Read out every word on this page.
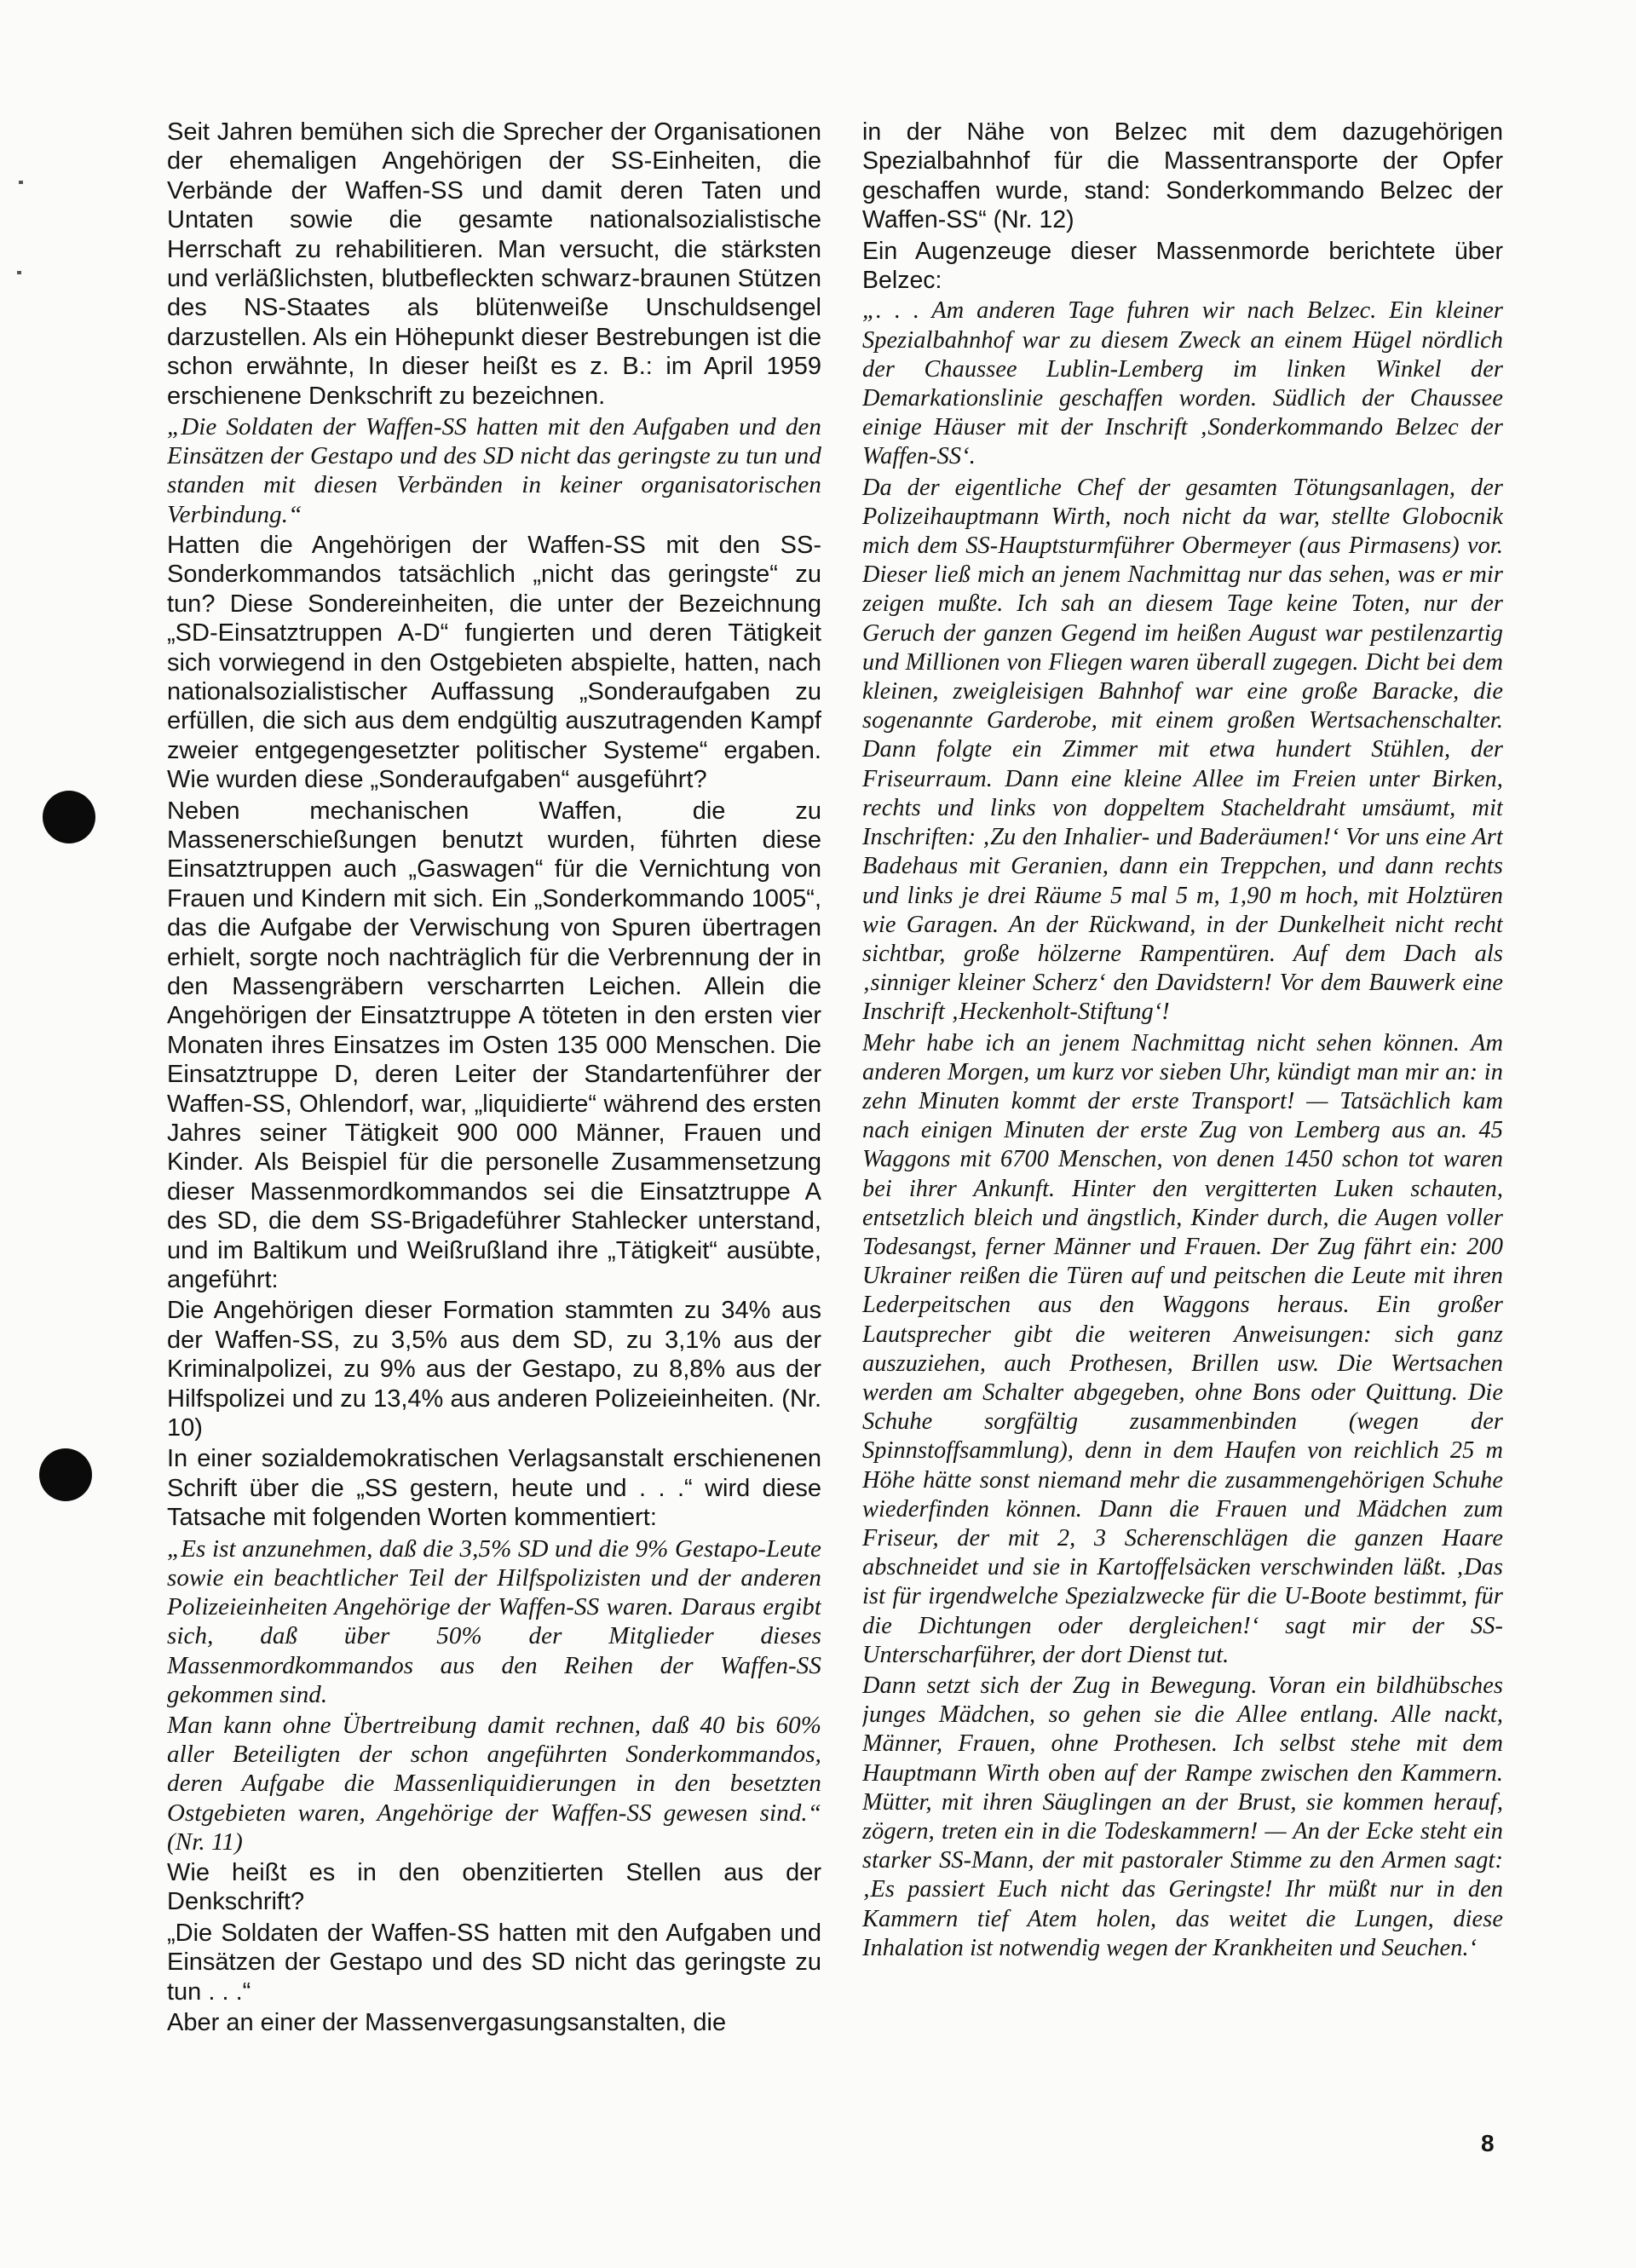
Seit Jahren bemühen sich die Sprecher der Organisationen der ehemaligen Angehörigen der SS-Einheiten, die Verbände der Waffen-SS und damit deren Taten und Untaten sowie die gesamte nationalsozialistische Herrschaft zu rehabilitieren. Man versucht, die stärksten und verläßlichsten, blutbefleckten schwarz-braunen Stützen des NS-Staates als blütenweiße Unschuldsengel darzustellen. Als ein Höhepunkt dieser Bestrebungen ist die schon erwähnte, In dieser heißt es z. B.: im April 1959 erschienene Denkschrift zu bezeichnen.

„Die Soldaten der Waffen-SS hatten mit den Aufgaben und den Einsätzen der Gestapo und des SD nicht das geringste zu tun und standen mit diesen Verbänden in keiner organisatorischen Verbindung.“

Hatten die Angehörigen der Waffen-SS mit den SS-Sonderkommandos tatsächlich „nicht das geringste“ zu tun? Diese Sondereinheiten, die unter der Bezeichnung „SD-Einsatztruppen A-D“ fungierten und deren Tätigkeit sich vorwiegend in den Ostgebieten abspielte, hatten, nach nationalsozialistischer Auffassung „Sonderaufgaben zu erfüllen, die sich aus dem endgültig auszutragenden Kampf zweier entgegengesetzter politischer Systeme“ ergaben. Wie wurden diese „Sonderaufgaben“ ausgeführt?

Neben mechanischen Waffen, die zu Massenerschießungen benutzt wurden, führten diese Einsatztruppen auch „Gaswagen“ für die Vernichtung von Frauen und Kindern mit sich. Ein „Sonderkommando 1005“, das die Aufgabe der Verwischung von Spuren übertragen erhielt, sorgte noch nachträglich für die Verbrennung der in den Massengräbern verscharrten Leichen. Allein die Angehörigen der Einsatztruppe A töteten in den ersten vier Monaten ihres Einsatzes im Osten 135 000 Menschen. Die Einsatztruppe D, deren Leiter der Standartenführer der Waffen-SS, Ohlendorf, war, „liquidierte“ während des ersten Jahres seiner Tätigkeit 900 000 Männer, Frauen und Kinder. Als Beispiel für die personelle Zusammensetzung dieser Massenmordkommandos sei die Einsatztruppe A des SD, die dem SS-Brigadeführer Stahlecker unterstand, und im Baltikum und Weißrußland ihre „Tätigkeit“ ausübte, angeführt:

Die Angehörigen dieser Formation stammten zu 34% aus der Waffen-SS, zu 3,5% aus dem SD, zu 3,1% aus der Kriminalpolizei, zu 9% aus der Gestapo, zu 8,8% aus der Hilfspolizei und zu 13,4% aus anderen Polizeieinheiten. (Nr. 10)

In einer sozialdemokratischen Verlagsanstalt erschienenen Schrift über die „SS gestern, heute und . . .“ wird diese Tatsache mit folgenden Worten kommentiert:

„Es ist anzunehmen, daß die 3,5% SD und die 9% Gestapo-Leute sowie ein beachtlicher Teil der Hilfspolizisten und der anderen Polizeieinheiten Angehörige der Waffen-SS waren. Daraus ergibt sich, daß über 50% der Mitglieder dieses Massenmordkommandos aus den Reihen der Waffen-SS gekommen sind.

Man kann ohne Übertreibung damit rechnen, daß 40 bis 60% aller Beteiligten der schon angeführten Sonderkommandos, deren Aufgabe die Massenliquidierungen in den besetzten Ostgebieten waren, Angehörige der Waffen-SS gewesen sind.“ (Nr. 11)

Wie heißt es in den obenzitierten Stellen aus der Denkschrift?

„Die Soldaten der Waffen-SS hatten mit den Aufgaben und Einsätzen der Gestapo und des SD nicht das geringste zu tun . . .“

Aber an einer der Massenvergasungsanstalten, die

in der Nähe von Belzec mit dem dazugehörigen Spezialbahnhof für die Massentransporte der Opfer geschaffen wurde, stand: Sonderkommando Belzec der Waffen-SS“ (Nr. 12)

Ein Augenzeuge dieser Massenmorde berichtete über Belzec:

„. . . Am anderen Tage fuhren wir nach Belzec. Ein kleiner Spezialbahnhof war zu diesem Zweck an einem Hügel nördlich der Chaussee Lublin-Lemberg im linken Winkel der Demarkationslinie geschaffen worden. Südlich der Chaussee einige Häuser mit der Inschrift ‚Sonderkommando Belzec der Waffen-SS‘.

Da der eigentliche Chef der gesamten Tötungsanlagen, der Polizeihauptmann Wirth, noch nicht da war, stellte Globocnik mich dem SS-Hauptsturmführer Obermeyer (aus Pirmasens) vor. Dieser ließ mich an jenem Nachmittag nur das sehen, was er mir zeigen mußte. Ich sah an diesem Tage keine Toten, nur der Geruch der ganzen Gegend im heißen August war pestilenzartig und Millionen von Fliegen waren überall zugegen. Dicht bei dem kleinen, zweigleisigen Bahnhof war eine große Baracke, die sogenannte Garderobe, mit einem großen Wertsachenschalter. Dann folgte ein Zimmer mit etwa hundert Stühlen, der Friseurraum. Dann eine kleine Allee im Freien unter Birken, rechts und links von doppeltem Stacheldraht umsäumt, mit Inschriften: ‚Zu den Inhalier- und Baderäumen!‘ Vor uns eine Art Badehaus mit Geranien, dann ein Treppchen, und dann rechts und links je drei Räume 5 mal 5 m, 1,90 m hoch, mit Holztüren wie Garagen. An der Rückwand, in der Dunkelheit nicht recht sichtbar, große hölzerne Rampentüren. Auf dem Dach als ‚sinniger kleiner Scherz‘ den Davidstern! Vor dem Bauwerk eine Inschrift ‚Heckenholt-Stiftung‘!

Mehr habe ich an jenem Nachmittag nicht sehen können. Am anderen Morgen, um kurz vor sieben Uhr, kündigt man mir an: in zehn Minuten kommt der erste Transport! — Tatsächlich kam nach einigen Minuten der erste Zug von Lemberg aus an. 45 Waggons mit 6700 Menschen, von denen 1450 schon tot waren bei ihrer Ankunft. Hinter den vergitterten Luken schauten, entsetzlich bleich und ängstlich, Kinder durch, die Augen voller Todesangst, ferner Männer und Frauen. Der Zug fährt ein: 200 Ukrainer reißen die Türen auf und peitschen die Leute mit ihren Lederpeitschen aus den Waggons heraus. Ein großer Lautsprecher gibt die weiteren Anweisungen: sich ganz auszuziehen, auch Prothesen, Brillen usw. Die Wertsachen werden am Schalter abgegeben, ohne Bons oder Quittung. Die Schuhe sorgfältig zusammenbinden (wegen der Spinnstoffsammlung), denn in dem Haufen von reichlich 25 m Höhe hätte sonst niemand mehr die zusammengehörigen Schuhe wiederfinden können. Dann die Frauen und Mädchen zum Friseur, der mit 2, 3 Scherenschlägen die ganzen Haare abschneidet und sie in Kartoffelsäcken verschwinden läßt. ‚Das ist für irgendwelche Spezialzwecke für die U-Boote bestimmt, für die Dichtungen oder dergleichen!‘ sagt mir der SS-Unterscharführer, der dort Dienst tut.

Dann setzt sich der Zug in Bewegung. Voran ein bildhübsches junges Mädchen, so gehen sie die Allee entlang. Alle nackt, Männer, Frauen, ohne Prothesen. Ich selbst stehe mit dem Hauptmann Wirth oben auf der Rampe zwischen den Kammern. Mütter, mit ihren Säuglingen an der Brust, sie kommen herauf, zögern, treten ein in die Todeskammern! — An der Ecke steht ein starker SS-Mann, der mit pastoraler Stimme zu den Armen sagt: ‚Es passiert Euch nicht das Geringste! Ihr müßt nur in den Kammern tief Atem holen, das weitet die Lungen, diese Inhalation ist notwendig wegen der Krankheiten und Seuchen.‘

8
